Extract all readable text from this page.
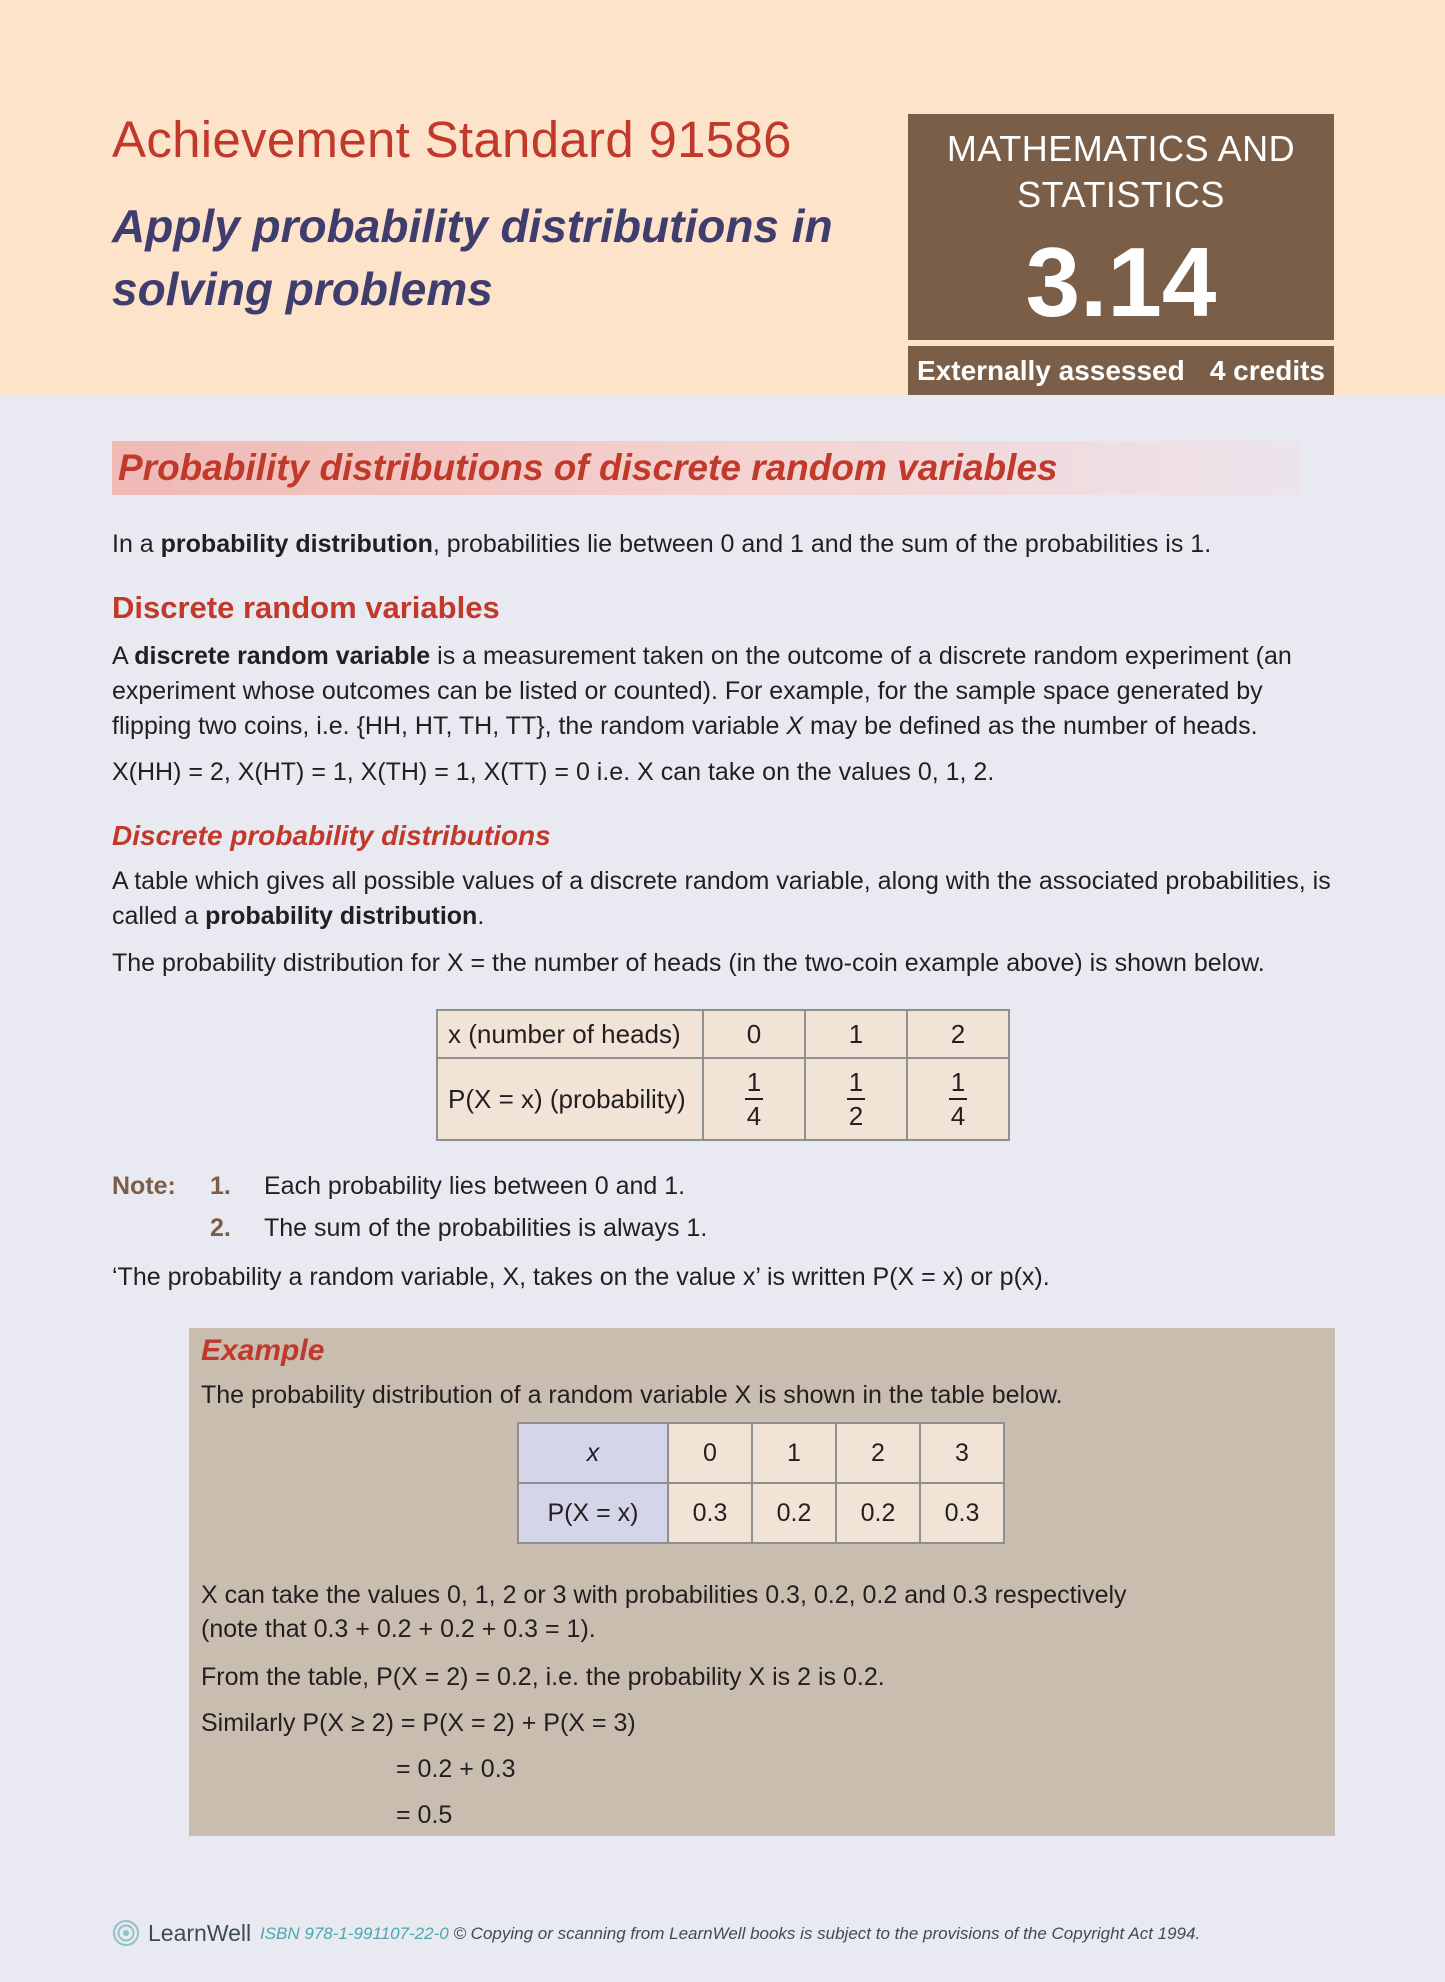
Achievement Standard 91586
Apply probability distributions in solving problems
MATHEMATICS AND STATISTICS
3.14
Externally assessed 4 credits
Probability distributions of discrete random variables
In a probability distribution, probabilities lie between 0 and 1 and the sum of the probabilities is 1.
Discrete random variables
A discrete random variable is a measurement taken on the outcome of a discrete random experiment (an experiment whose outcomes can be listed or counted). For example, for the sample space generated by flipping two coins, i.e. {HH, HT, TH, TT}, the random variable X may be defined as the number of heads.
X(HH) = 2, X(HT) = 1, X(TH) = 1, X(TT) = 0 i.e. X can take on the values 0, 1, 2.
Discrete probability distributions
A table which gives all possible values of a discrete random variable, along with the associated probabilities, is called a probability distribution.
The probability distribution for X = the number of heads (in the two-coin example above) is shown below.
x (number of heads)	0	1	2
P(X = x) (probability)	$\frac{1}{4}$	$\frac{1}{2}$	$\frac{1}{4}$
Note: 1. Each probability lies between 0 and 1.
2. The sum of the probabilities is always 1.
‘The probability a random variable, X, takes on the value x’ is written P(X = x) or p(x).
Example
The probability distribution of a random variable X is shown in the table below.
x	0	1	2	3
P(X = x)	0.3	0.2	0.2	0.3
X can take the values 0, 1, 2 or 3 with probabilities 0.3, 0.2, 0.2 and 0.3 respectively
(note that 0.3 + 0.2 + 0.2 + 0.3 = 1).
From the table, P(X = 2) = 0.2, i.e. the probability X is 2 is 0.2.
Similarly P(X ≥ 2) = P(X = 2) + P(X = 3)
= 0.2 + 0.3
= 0.5
LearnWell ISBN 978-1-991107-22-0 © Copying or scanning from LearnWell books is subject to the provisions of the Copyright Act 1994.
